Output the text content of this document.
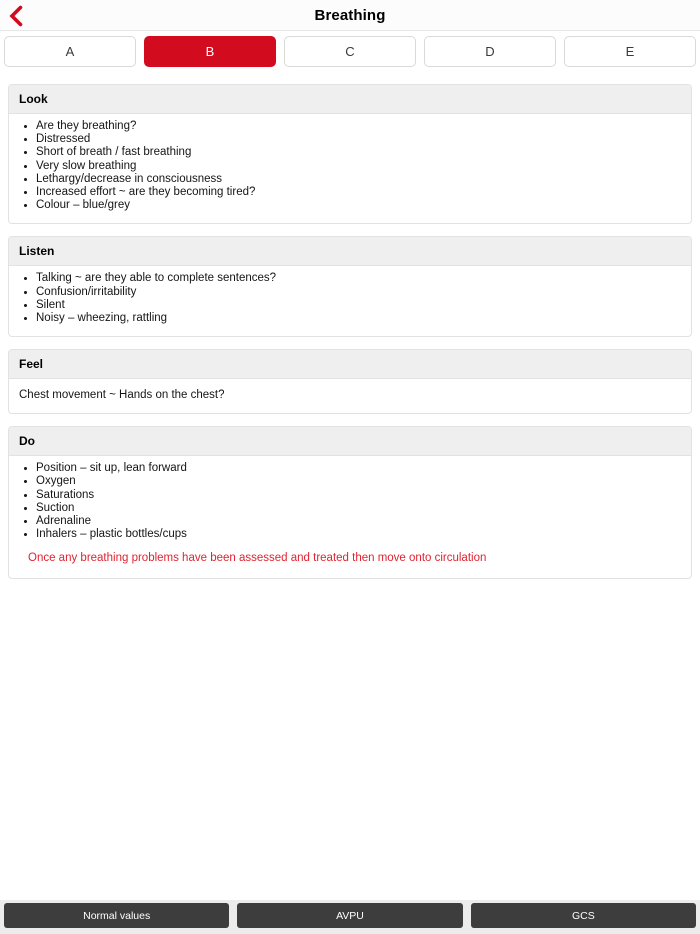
Breathing
A	B	C	D	E
Look
• Are they breathing?
• Distressed
• Short of breath / fast breathing
• Very slow breathing
• Lethargy/decrease in consciousness
• Increased effort ~ are they becoming tired?
• Colour – blue/grey
Listen
• Talking ~ are they able to complete sentences?
• Confusion/irritability
• Silent
• Noisy – wheezing, rattling
Feel
Chest movement ~ Hands on the chest?
Do
• Position – sit up, lean forward
• Oxygen
• Saturations
• Suction
• Adrenaline
• Inhalers – plastic bottles/cups
Once any breathing problems have been assessed and treated then move onto circulation
Normal values	AVPU	GCS
